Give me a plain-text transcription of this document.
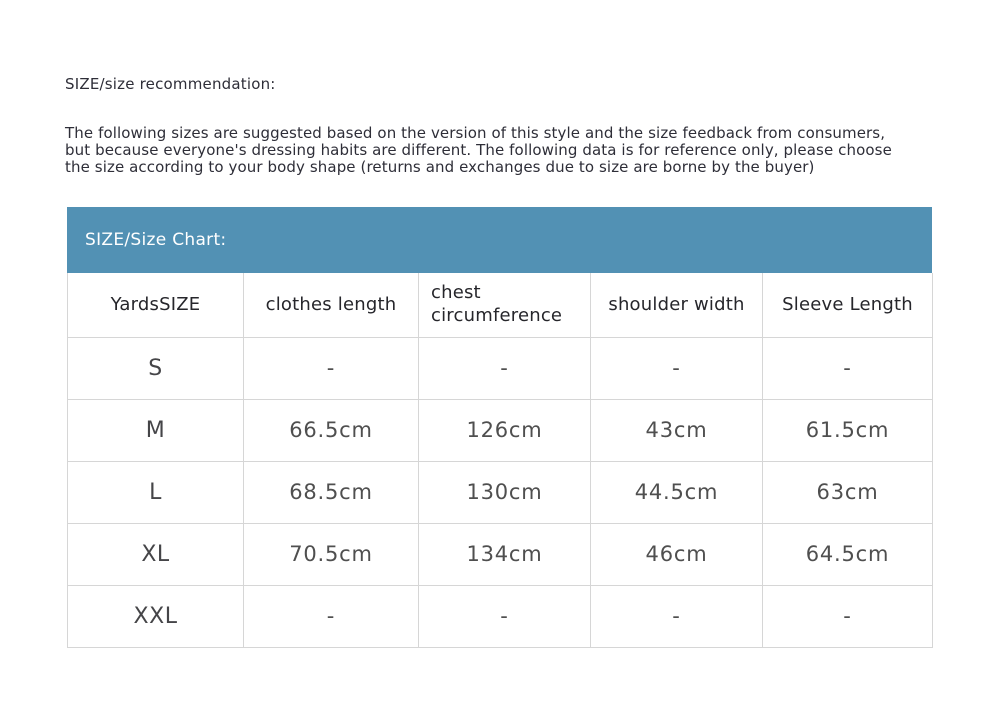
SIZE/size recommendation:
The following sizes are suggested based on the version of this style and the size feedback from consumers,
but because everyone's dressing habits are different. The following data is for reference only, please choose
the size according to your body shape (returns and exchanges due to size are borne by the buyer)
SIZE/Size Chart:
YardsSIZE	clothes length	chest circumference	shoulder width	Sleeve Length
S	-	-	-	-
M	66.5cm	126cm	43cm	61.5cm
L	68.5cm	130cm	44.5cm	63cm
XL	70.5cm	134cm	46cm	64.5cm
XXL	-	-	-	-
